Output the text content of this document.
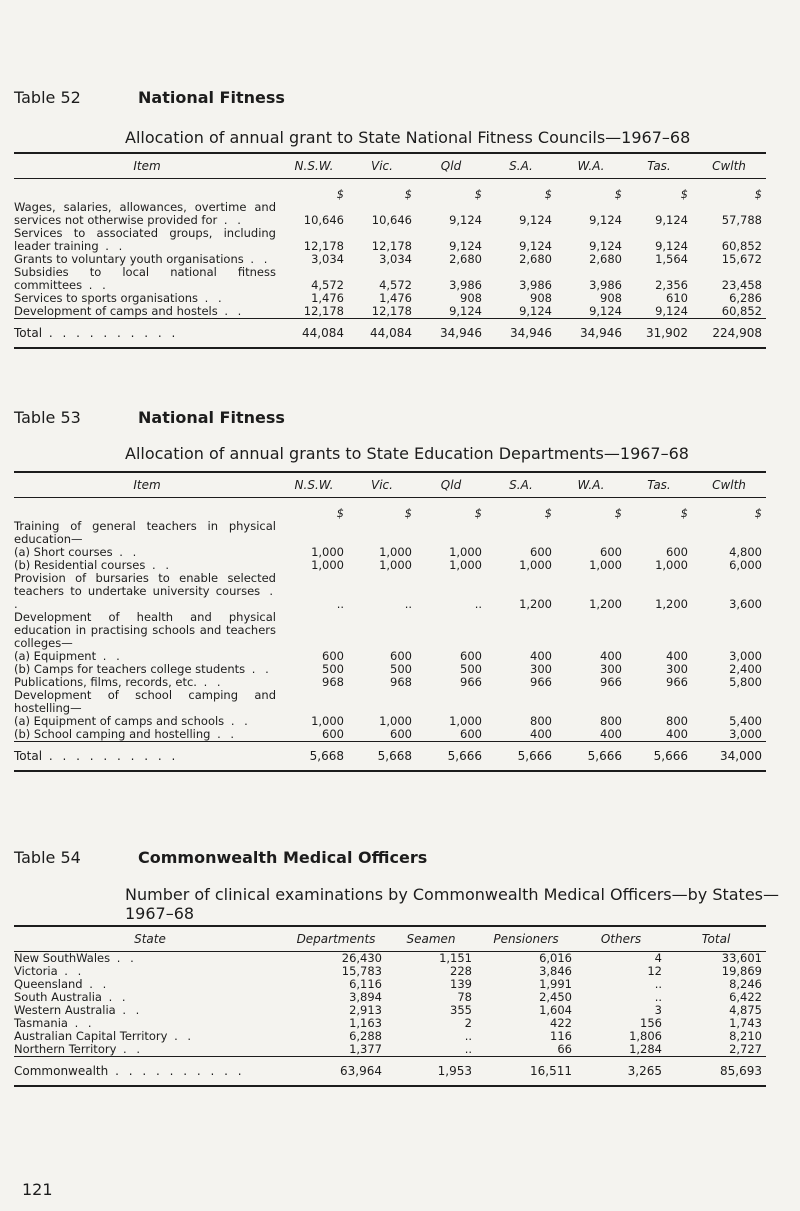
Table 52	National Fitness
Allocation of annual grant to State National Fitness Councils—1967–68
Item	N.S.W.	Vic.	Qld	S.A.	W.A.	Tas.	Cwlth
	$	$	$	$	$	$	$
Wages, salaries, allowances, overtime and services not otherwise provided for . .	10,646	10,646	9,124	9,124	9,124	9,124	57,788
Services to associated groups, including leader training . .	12,178	12,178	9,124	9,124	9,124	9,124	60,852
Grants to voluntary youth organisations . .	3,034	3,034	2,680	2,680	2,680	1,564	15,672
Subsidies to local national fitness committees . .	4,572	4,572	3,986	3,986	3,986	2,356	23,458
Services to sports organisations . .	1,476	1,476	908	908	908	610	6,286
Development of camps and hostels . .	12,178	12,178	9,124	9,124	9,124	9,124	60,852
Total . . . . . . . . . .	44,084	44,084	34,946	34,946	34,946	31,902	224,908
Table 53	National Fitness
Allocation of annual grants to State Education Departments—1967–68
Item	N.S.W.	Vic.	Qld	S.A.	W.A.	Tas.	Cwlth
	$	$	$	$	$	$	$
Training of general teachers in physical education—							
(a) Short courses . .	1,000	1,000	1,000	600	600	600	4,800
(b) Residential courses . .	1,000	1,000	1,000	1,000	1,000	1,000	6,000
Provision of bursaries to enable selected teachers to undertake university courses . .	..	..	..	1,200	1,200	1,200	3,600
Development of health and physical education in practising schools and teachers colleges—							
(a) Equipment . .	600	600	600	400	400	400	3,000
(b) Camps for teachers college students . .	500	500	500	300	300	300	2,400
Publications, films, records, etc. . .	968	968	966	966	966	966	5,800
Development of school camping and hostelling—							
(a) Equipment of camps and schools . .	1,000	1,000	1,000	800	800	800	5,400
(b) School camping and hostelling . .	600	600	600	400	400	400	3,000
Total . . . . . . . . . .	5,668	5,668	5,666	5,666	5,666	5,666	34,000
Table 54	Commonwealth Medical Officers
Number of clinical examinations by Commonwealth Medical Officers—by States—1967–68
State	Departments	Seamen	Pensioners	Others	Total
New SouthWales . .	26,430	1,151	6,016	4	33,601
Victoria . .	15,783	228	3,846	12	19,869
Queensland . .	6,116	139	1,991	..	8,246
South Australia . .	3,894	78	2,450	..	6,422
Western Australia . .	2,913	355	1,604	3	4,875
Tasmania . .	1,163	2	422	156	1,743
Australian Capital Territory . .	6,288	..	116	1,806	8,210
Northern Territory . .	1,377	..	66	1,284	2,727
Commonwealth . . . . . . . . . .	63,964	1,953	16,511	3,265	85,693
121
